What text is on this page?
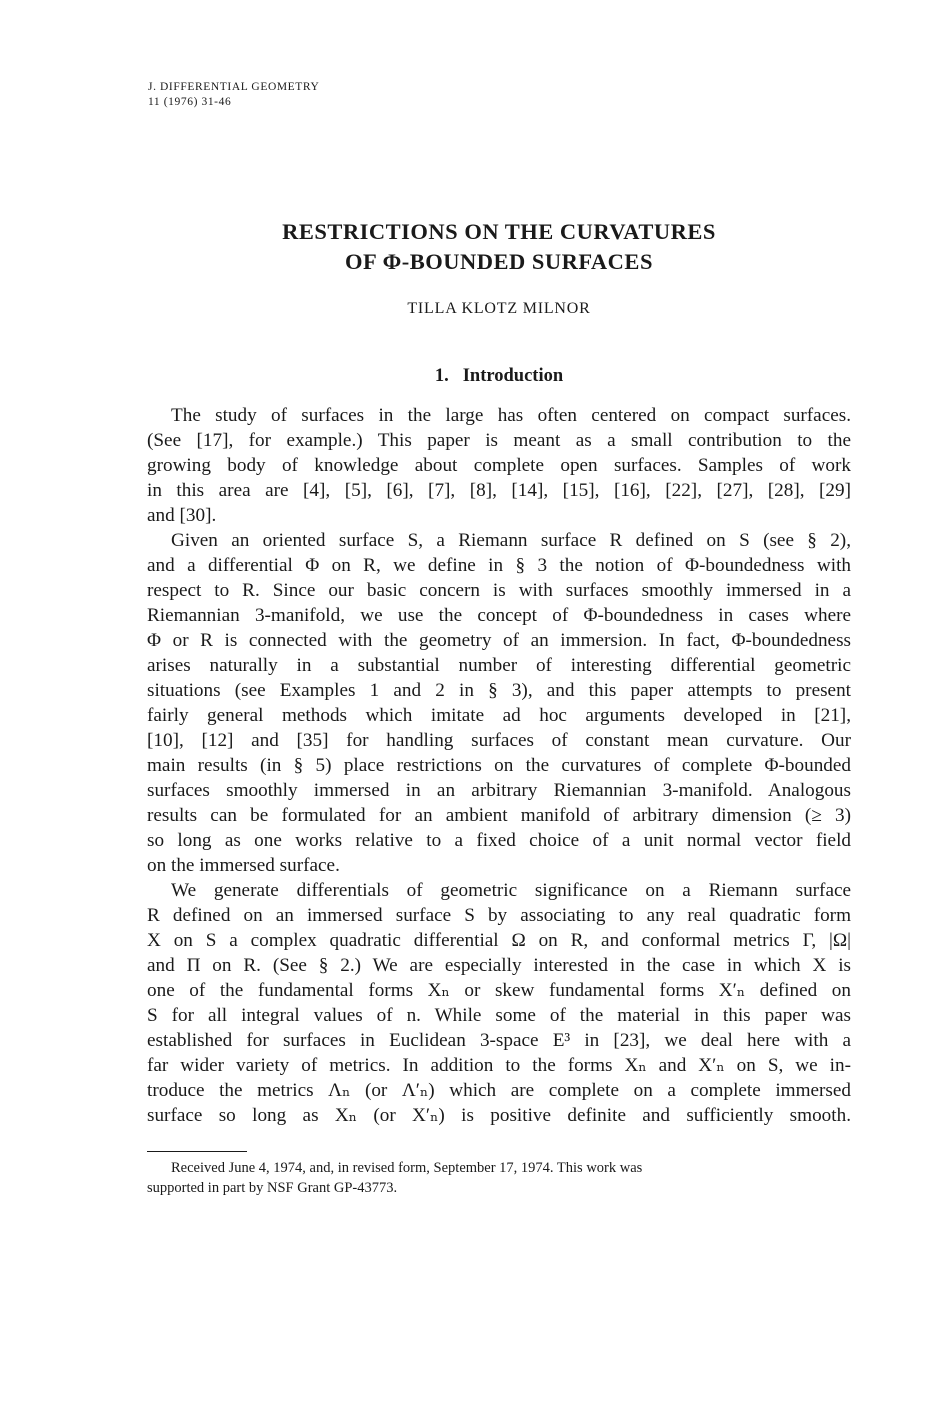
J. DIFFERENTIAL GEOMETRY
11 (1976) 31-46
RESTRICTIONS ON THE CURVATURES
OF Φ-BOUNDED SURFACES
TILLA KLOTZ MILNOR
1. Introduction
The study of surfaces in the large has often centered on compact surfaces.
(See [17], for example.) This paper is meant as a small contribution to the
growing body of knowledge about complete open surfaces. Samples of work
in this area are [4], [5], [6], [7], [8], [14], [15], [16], [22], [27], [28], [29]
and [30].
Given an oriented surface S, a Riemann surface R defined on S (see § 2),
and a differential Φ on R, we define in § 3 the notion of Φ-boundedness with
respect to R. Since our basic concern is with surfaces smoothly immersed in a
Riemannian 3-manifold, we use the concept of Φ-boundedness in cases where
Φ or R is connected with the geometry of an immersion. In fact, Φ-boundedness
arises naturally in a substantial number of interesting differential geometric
situations (see Examples 1 and 2 in § 3), and this paper attempts to present
fairly general methods which imitate ad hoc arguments developed in [21],
[10], [12] and [35] for handling surfaces of constant mean curvature. Our
main results (in § 5) place restrictions on the curvatures of complete Φ-bounded
surfaces smoothly immersed in an arbitrary Riemannian 3-manifold. Analogous
results can be formulated for an ambient manifold of arbitrary dimension (≥ 3)
so long as one works relative to a fixed choice of a unit normal vector field
on the immersed surface.
We generate differentials of geometric significance on a Riemann surface
R defined on an immersed surface S by associating to any real quadratic form
X on S a complex quadratic differential Ω on R, and conformal metrics Γ, |Ω|
and Π on R. (See § 2.) We are especially interested in the case in which X is
one of the fundamental forms Xₙ or skew fundamental forms X′ₙ defined on
S for all integral values of n. While some of the material in this paper was
established for surfaces in Euclidean 3-space E³ in [23], we deal here with a
far wider variety of metrics. In addition to the forms Xₙ and X′ₙ on S, we in-
troduce the metrics Λₙ (or Λ′ₙ) which are complete on a complete immersed
surface so long as Xₙ (or X′ₙ) is positive definite and sufficiently smooth.
Received June 4, 1974, and, in revised form, September 17, 1974. This work was
supported in part by NSF Grant GP-43773.
